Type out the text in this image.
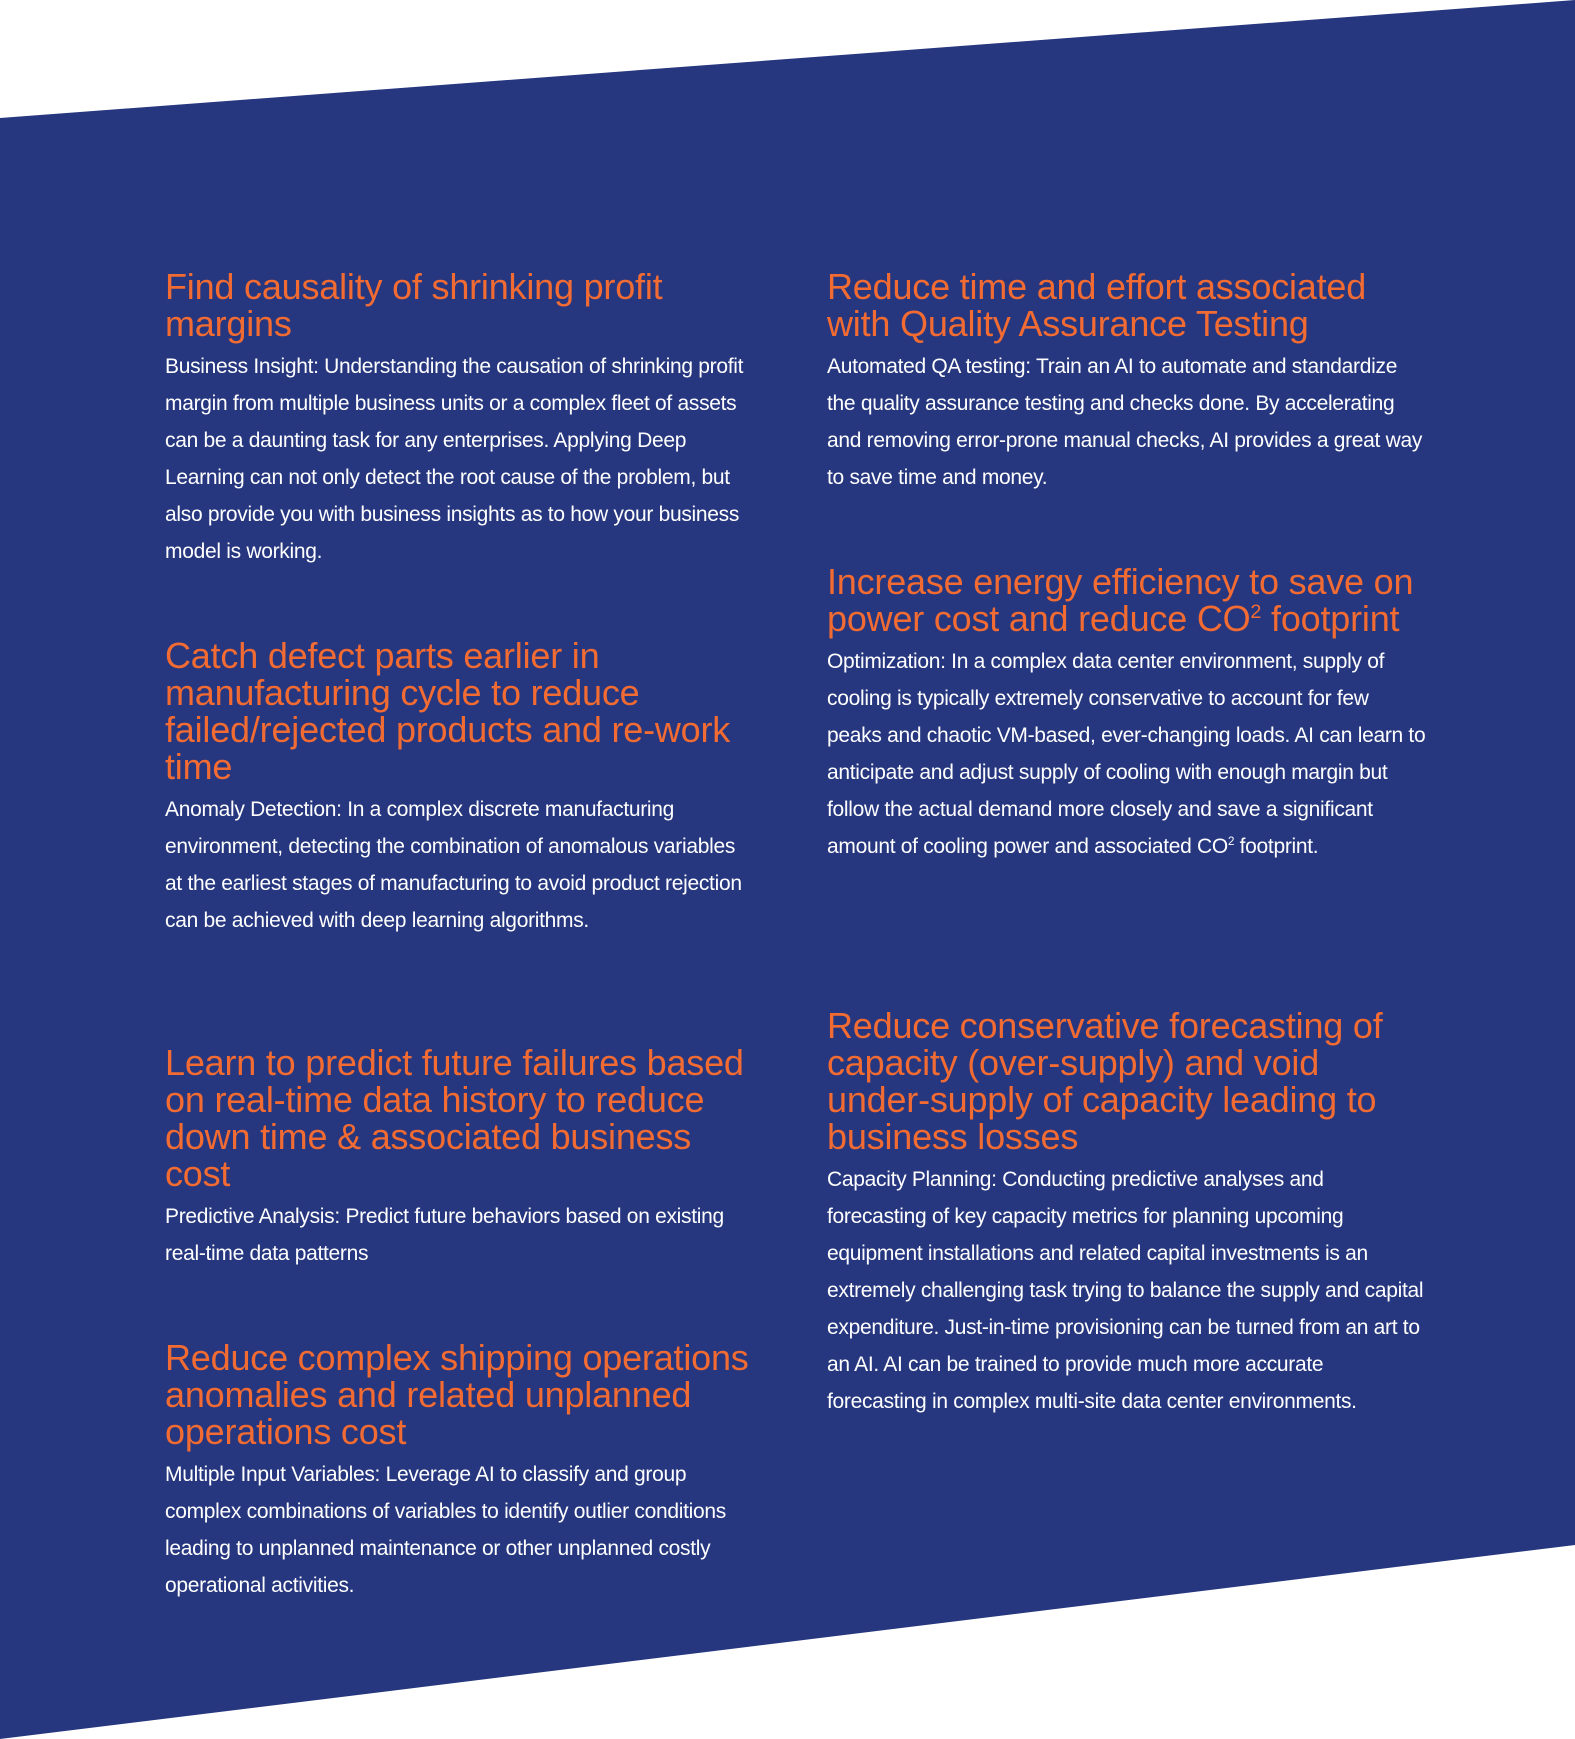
Find causality of shrinking profit margins

Business Insight: Understanding the causation of shrinking profit margin from multiple business units or a complex fleet of assets can be a daunting task for any enterprises. Applying Deep Learning can not only detect the root cause of the problem, but also provide you with business insights as to how your business model is working.

Catch defect parts earlier in manufacturing cycle to reduce failed/rejected products and re-work time

Anomaly Detection: In a complex discrete manufacturing environment, detecting the combination of anomalous variables at the earliest stages of manufacturing to avoid product rejection can be achieved with deep learning algorithms.

Learn to predict future failures based on real-time data history to reduce down time & associated business cost

Predictive Analysis: Predict future behaviors based on existing real-time data patterns

Reduce complex shipping operations anomalies and related unplanned operations cost

Multiple Input Variables: Leverage AI to classify and group complex combinations of variables to identify outlier conditions leading to unplanned maintenance or other unplanned costly operational activities.

Reduce time and effort associated with Quality Assurance Testing

Automated QA testing: Train an AI to automate and standardize the quality assurance testing and checks done. By accelerating and removing error-prone manual checks, AI provides a great way to save time and money.

Increase energy efficiency to save on power cost and reduce $CO^2$ footprint

Optimization: In a complex data center environment, supply of cooling is typically extremely conservative to account for few peaks and chaotic VM-based, ever-changing loads. AI can learn to anticipate and adjust supply of cooling with enough margin but follow the actual demand more closely and save a significant amount of cooling power and associated $CO^2$ footprint.

Reduce conservative forecasting of capacity (over-supply) and void under-supply of capacity leading to business losses

Capacity Planning: Conducting predictive analyses and forecasting of key capacity metrics for planning upcoming equipment installations and related capital investments is an extremely challenging task trying to balance the supply and capital expenditure. Just-in-time provisioning can be turned from an art to an AI. AI can be trained to provide much more accurate forecasting in complex multi-site data center environments.
